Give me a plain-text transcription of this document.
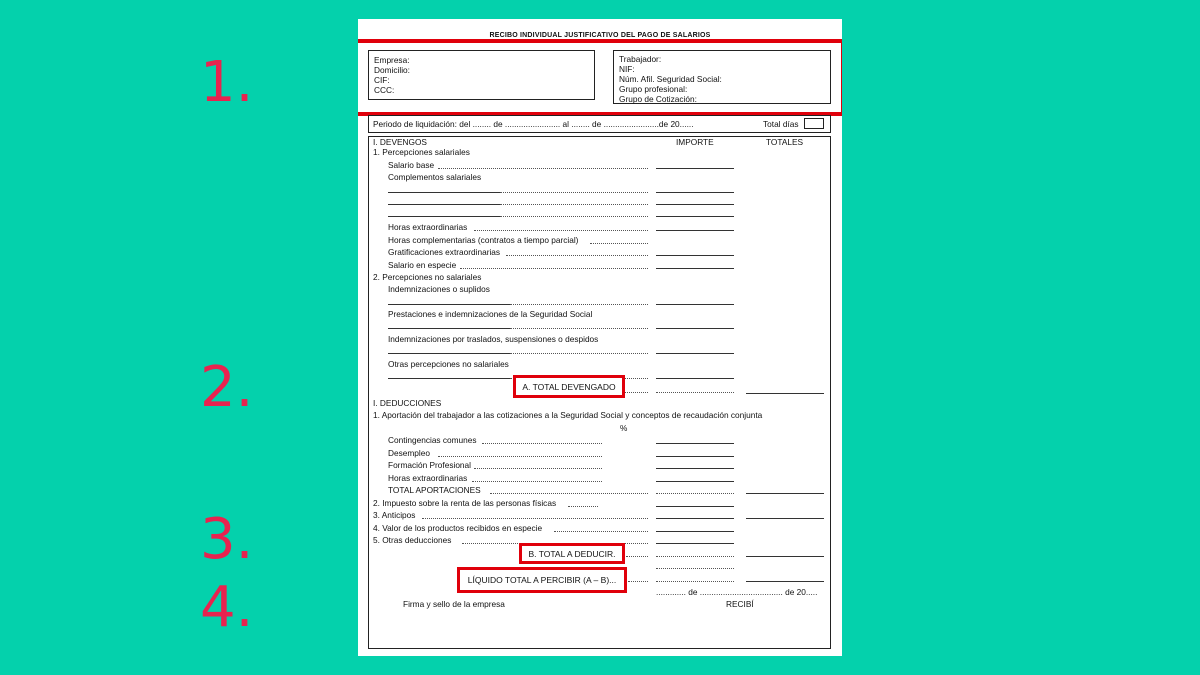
1.
2.
3.
4.
RECIBO INDIVIDUAL JUSTIFICATIVO DEL PAGO DE SALARIOS
Empresa:
Domicilio:
CIF:
CCC:
Trabajador:
NIF:
Núm. Afil. Seguridad Social:
Grupo profesional:
Grupo de Cotización:
Periodo de liquidación: del ........ de ........................ al ........ de ........................de 20......	Total días
I. DEVENGOS	IMPORTE	TOTALES
1. Percepciones salariales
Salario base
Complementos salariales
Horas extraordinarias
Horas complementarias (contratos a tiempo parcial)
Gratificaciones extraordinarias
Salario en especie
2. Percepciones no salariales
Indemnizaciones o suplidos
Prestaciones e indemnizaciones de la Seguridad Social
Indemnizaciones por traslados, suspensiones o despidos
Otras percepciones no salariales
A. TOTAL DEVENGADO
I. DEDUCCIONES
1. Aportación del trabajador a las cotizaciones a la Seguridad Social y conceptos de recaudación conjunta
%
Contingencias comunes
Desempleo
Formación Profesional
Horas extraordinarias
TOTAL APORTACIONES
2. Impuesto sobre la renta de las personas físicas
3. Anticipos
4. Valor de los productos recibidos en especie
5. Otras deducciones
B. TOTAL A DEDUCIR.
LÍQUIDO TOTAL A PERCIBIR (A – B)...
............. de .................................... de 20.....
Firma y sello de la empresa	RECIBÍ
